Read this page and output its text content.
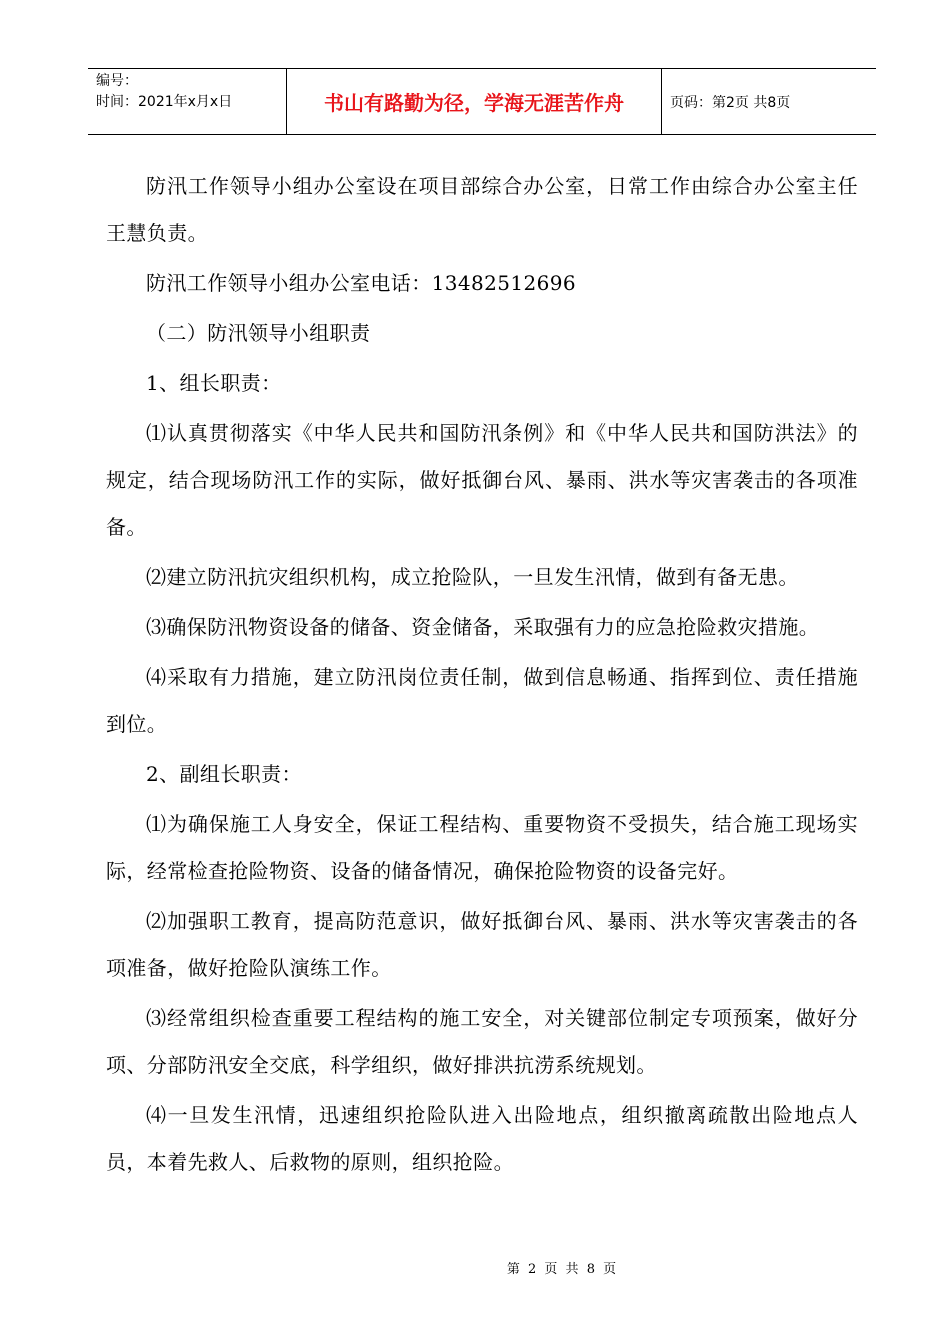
编号：
时间：2021年x月x日	书山有路勤为径，学海无涯苦作舟	页码：第2页 共8页

防汛工作领导小组办公室设在项目部综合办公室，日常工作由综合办公室主任王慧负责。

防汛工作领导小组办公室电话：13482512696

（二）防汛领导小组职责

1、组长职责：

⑴认真贯彻落实《中华人民共和国防汛条例》和《中华人民共和国防洪法》的规定，结合现场防汛工作的实际，做好抵御台风、暴雨、洪水等灾害袭击的各项准备。

⑵建立防汛抗灾组织机构，成立抢险队，一旦发生汛情，做到有备无患。

⑶确保防汛物资设备的储备、资金储备，采取强有力的应急抢险救灾措施。

⑷采取有力措施，建立防汛岗位责任制，做到信息畅通、指挥到位、责任措施到位。

2、副组长职责：

⑴为确保施工人身安全，保证工程结构、重要物资不受损失，结合施工现场实际，经常检查抢险物资、设备的储备情况，确保抢险物资的设备完好。

⑵加强职工教育，提高防范意识，做好抵御台风、暴雨、洪水等灾害袭击的各项准备，做好抢险队演练工作。

⑶经常组织检查重要工程结构的施工安全，对关键部位制定专项预案，做好分项、分部防汛安全交底，科学组织，做好排洪抗涝系统规划。

⑷一旦发生汛情，迅速组织抢险队进入出险地点，组织撤离疏散出险地点人员，本着先救人、后救物的原则，组织抢险。

第 2 页 共 8 页
